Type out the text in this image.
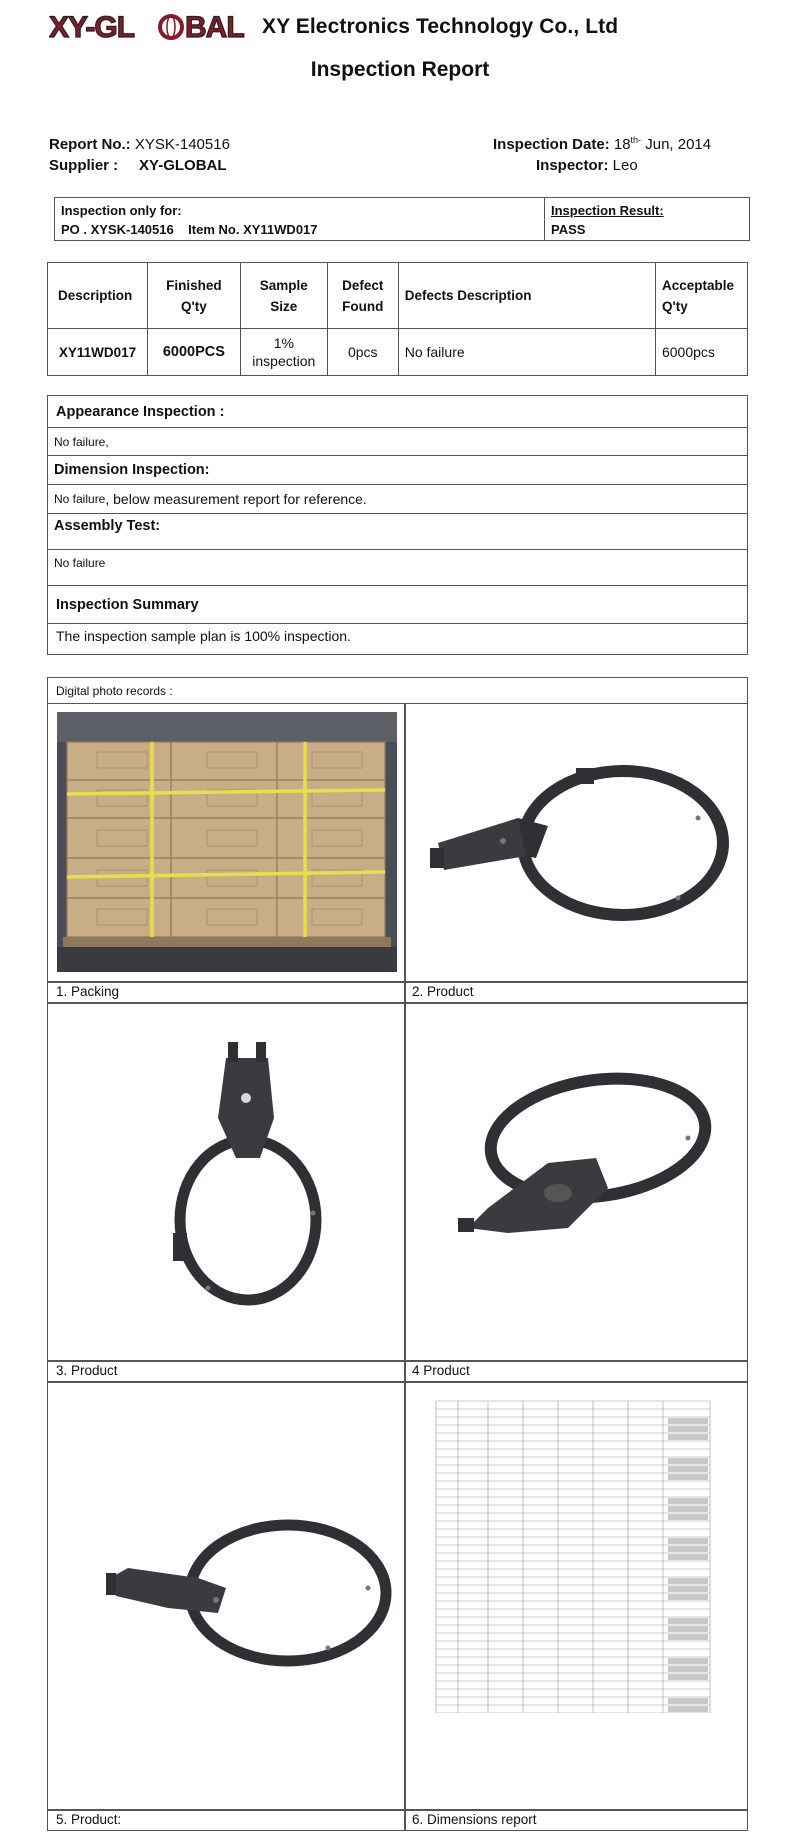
XY-GL BAL XY Electronics Technology Co., Ltd
Inspection Report
Report No.: XYSK-140516
Supplier : XY-GLOBAL
Inspection Date: $18^{th-}$ Jun, 2014
Inspector: Leo
Inspection only for:
PO . XYSK-140516    Item No. XY11WD017
Inspection Result:
PASS
Description	Finished Q'ty	Sample Size	Defect Found	Defects Description	Acceptable Q'ty
XY11WD017	6000PCS	1% inspection	0pcs	No failure	6000pcs
Appearance Inspection :
No failure,
Dimension Inspection:
No failure , below measurement report for reference.
Assembly Test:
No failure
Inspection Summary
The inspection sample plan is 100% inspection.
Digital photo records :
1. Packing	2. Product
3. Product	4 Product
5. Product:	6. Dimensions report
